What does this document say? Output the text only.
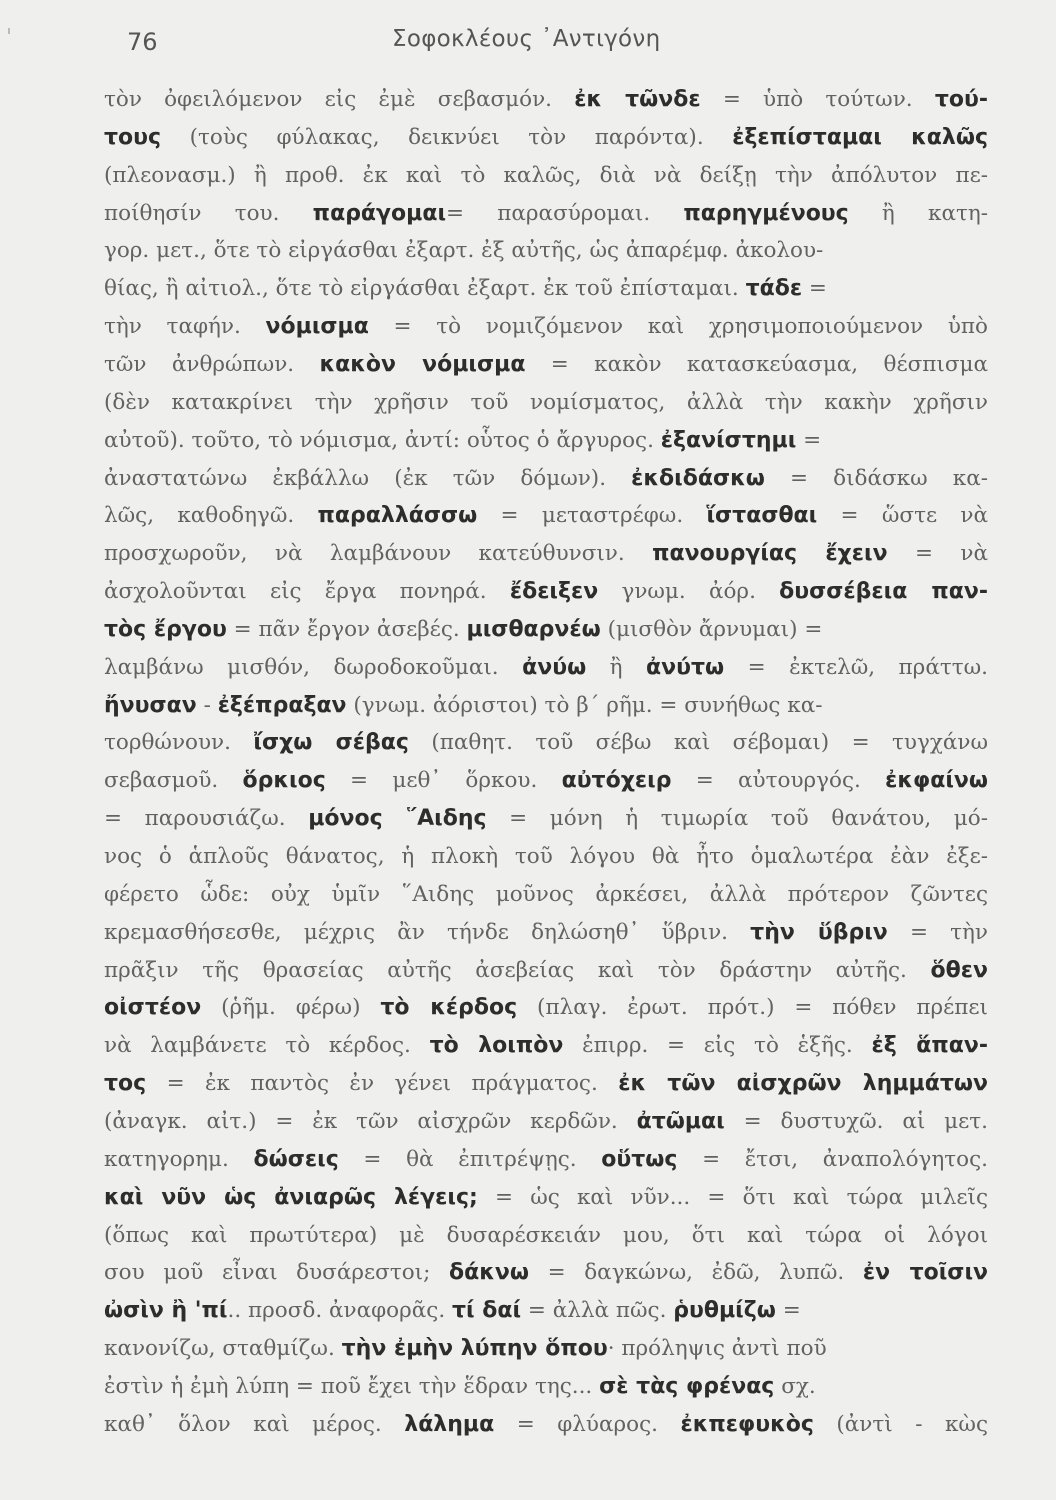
76	Σοφοκλέους ᾿Αντιγόνη
τὸν ὀφειλόμενον εἰς ἐμὲ σεβασμόν. ἐκ τῶνδε = ὑπὸ τούτων. τού-
τους (τοὺς φύλακας, δεικνύει τὸν παρόντα). ἐξεπίσταμαι καλῶς
(πλεονασμ.) ἢ προθ. ἐκ καὶ τὸ καλῶς, διὰ νὰ δείξῃ τὴν ἀπόλυτον πε-
ποίθησίν του. παράγομαι= παρασύρομαι. παρηγμένους ἢ κατη-
γορ. μετ., ὅτε τὸ εἰργάσθαι ἐξαρτ. ἐξ αὐτῆς, ὡς ἀπαρέμφ. ἀκολου-
θίας, ἢ αἰτιολ., ὅτε τὸ εἰργάσθαι ἐξαρτ. ἐκ τοῦ ἐπίσταμαι. τάδε =
τὴν ταφήν. νόμισμα = τὸ νομιζόμενον καὶ χρησιμοποιούμενον ὑπὸ
τῶν ἀνθρώπων. κακὸν νόμισμα = κακὸν κατασκεύασμα, θέσπισμα
(δὲν κατακρίνει τὴν χρῆσιν τοῦ νομίσματος, ἀλλὰ τὴν κακὴν χρῆσιν
αὐτοῦ). τοῦτο, τὸ νόμισμα, ἀντί: οὗτος ὁ ἄργυρος. ἐξανίστημι =
ἀναστατώνω ἐκβάλλω (ἐκ τῶν δόμων). ἐκδιδάσκω = διδάσκω κα-
λῶς, καθοδηγῶ. παραλλάσσω = μεταστρέφω. ἵστασθαι = ὥστε νὰ
προσχωροῦν, νὰ λαμβάνουν κατεύθυνσιν. πανουργίας ἔχειν = νὰ
ἀσχολοῦνται εἰς ἔργα πονηρά. ἔδειξεν γνωμ. ἀόρ. δυσσέβεια παν-
τὸς ἔργου = πᾶν ἔργον ἀσεβές. μισθαρνέω (μισθὸν ἄρνυμαι) =
λαμβάνω μισθόν, δωροδοκοῦμαι. ἀνύω ἢ ἀνύτω = ἐκτελῶ, πράττω.
ἤνυσαν - ἐξέπραξαν (γνωμ. ἀόριστοι) τὸ β΄ ρῆμ. = συνήθως κα-
τορθώνουν. ἴσχω σέβας (παθητ. τοῦ σέβω καὶ σέβομαι) = τυγχάνω
σεβασμοῦ. ὅρκιος = μεθ᾽ ὅρκου. αὐτόχειρ = αὐτουργός. ἐκφαίνω
= παρουσιάζω. μόνος ῞Αιδης = μόνη ἡ τιμωρία τοῦ θανάτου, μό-
νος ὁ ἁπλοῦς θάνατος, ἡ πλοκὴ τοῦ λόγου θὰ ἦτο ὁμαλωτέρα ἐὰν ἐξε-
φέρετο ὧδε: οὐχ ὑμῖν ῞Αιδης μοῦνος ἀρκέσει, ἀλλὰ πρότερον ζῶντες
κρεμασθήσεσθε, μέχρις ἂν τήνδε δηλώσηθ᾽ ὕβριν. τὴν ὕβριν = τὴν
πρᾶξιν τῆς θρασείας αὐτῆς ἀσεβείας καὶ τὸν δράστην αὐτῆς. ὅθεν
οἰστέον (ῥῆμ. φέρω) τὸ κέρδος (πλαγ. ἐρωτ. πρότ.) = πόθεν πρέπει
νὰ λαμβάνετε τὸ κέρδος. τὸ λοιπὸν ἐπιρρ. = εἰς τὸ ἑξῆς. ἐξ ἅπαν-
τος = ἐκ παντὸς ἐν γένει πράγματος. ἐκ τῶν αἰσχρῶν λημμάτων
(ἀναγκ. αἰτ.) = ἐκ τῶν αἰσχρῶν κερδῶν. ἀτῶμαι = δυστυχῶ. αἱ μετ.
κατηγορημ. δώσεις = θὰ ἐπιτρέψῃς. οὕτως = ἔτσι, ἀναπολόγητος.
καὶ νῦν ὡς ἀνιαρῶς λέγεις; = ὡς καὶ νῦν... = ὅτι καὶ τώρα μιλεῖς
(ὅπως καὶ πρωτύτερα) μὲ δυσαρέσκειάν μου, ὅτι καὶ τώρα οἱ λόγοι
σου μοῦ εἶναι δυσάρεστοι; δάκνω = δαγκώνω, ἐδῶ, λυπῶ. ἐν τοῖσιν
ὠσὶν ἢ 'πί.. προσδ. ἀναφορᾶς. τί δαί = ἀλλὰ πῶς. ῥυθμίζω =
κανονίζω, σταθμίζω. τὴν ἐμὴν λύπην ὅπου· πρόληψις ἀντὶ ποῦ
ἐστὶν ἡ ἐμὴ λύπη = ποῦ ἔχει τὴν ἕδραν της... σὲ τὰς φρένας σχ.
καθ᾽ ὅλον καὶ μέρος. λάλημα = φλύαρος. ἐκπεφυκὸς (ἀντὶ - κὼς
